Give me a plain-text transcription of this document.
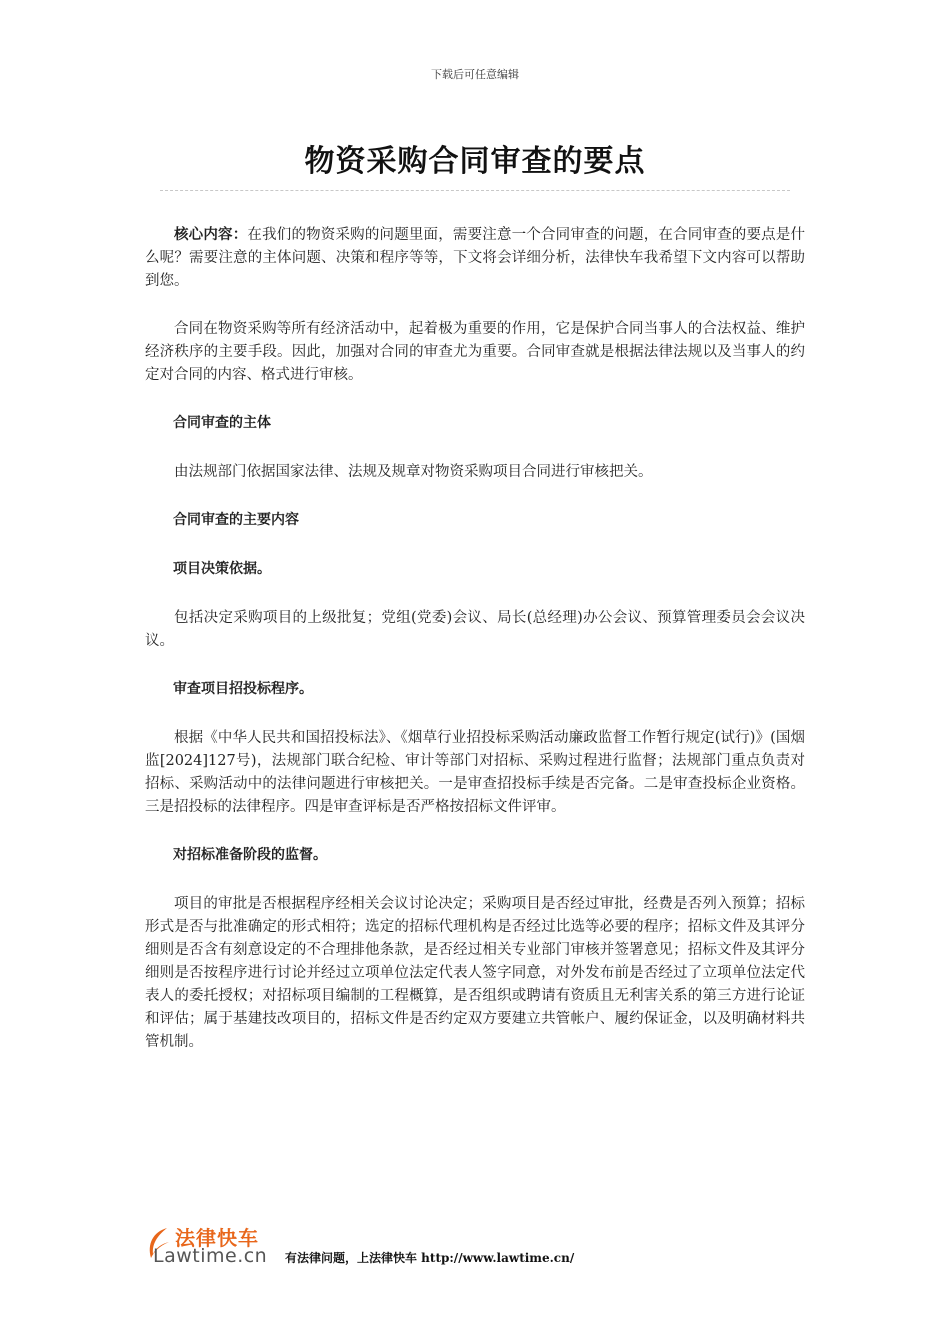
下载后可任意编辑
物资采购合同审查的要点

核心内容：在我们的物资采购的问题里面，需要注意一个合同审查的问题，在合同审查的要点是什么呢？需要注意的主体问题、决策和程序等等，下文将会详细分析，法律快车我希望下文内容可以帮助到您。

合同在物资采购等所有经济活动中，起着极为重要的作用，它是保护合同当事人的合法权益、维护经济秩序的主要手段。因此，加强对合同的审查尤为重要。合同审查就是根据法律法规以及当事人的约定对合同的内容、格式进行审核。

合同审查的主体

由法规部门依据国家法律、法规及规章对物资采购项目合同进行审核把关。

合同审查的主要内容

项目决策依据。

包括决定采购项目的上级批复；党组(党委)会议、局长(总经理)办公会议、预算管理委员会会议决议。

审查项目招投标程序。

根据《中华人民共和国招投标法》、《烟草行业招投标采购活动廉政监督工作暂行规定(试行)》(国烟监[2024]127号)，法规部门联合纪检、审计等部门对招标、采购过程进行监督；法规部门重点负责对招标、采购活动中的法律问题进行审核把关。一是审查招投标手续是否完备。二是审查投标企业资格。三是招投标的法律程序。四是审查评标是否严格按招标文件评审。

对招标准备阶段的监督。

项目的审批是否根据程序经相关会议讨论决定；采购项目是否经过审批，经费是否列入预算；招标形式是否与批准确定的形式相符；选定的招标代理机构是否经过比选等必要的程序；招标文件及其评分细则是否含有刻意设定的不合理排他条款，是否经过相关专业部门审核并签署意见；招标文件及其评分细则是否按程序进行讨论并经过立项单位法定代表人签字同意，对外发布前是否经过了立项单位法定代表人的委托授权；对招标项目编制的工程概算，是否组织或聘请有资质且无利害关系的第三方进行论证和评估；属于基建技改项目的，招标文件是否约定双方要建立共管帐户、履约保证金，以及明确材料共管机制。

法律快车
Lawtime.cn 有法律问题，上法律快车 http://www.lawtime.cn/
